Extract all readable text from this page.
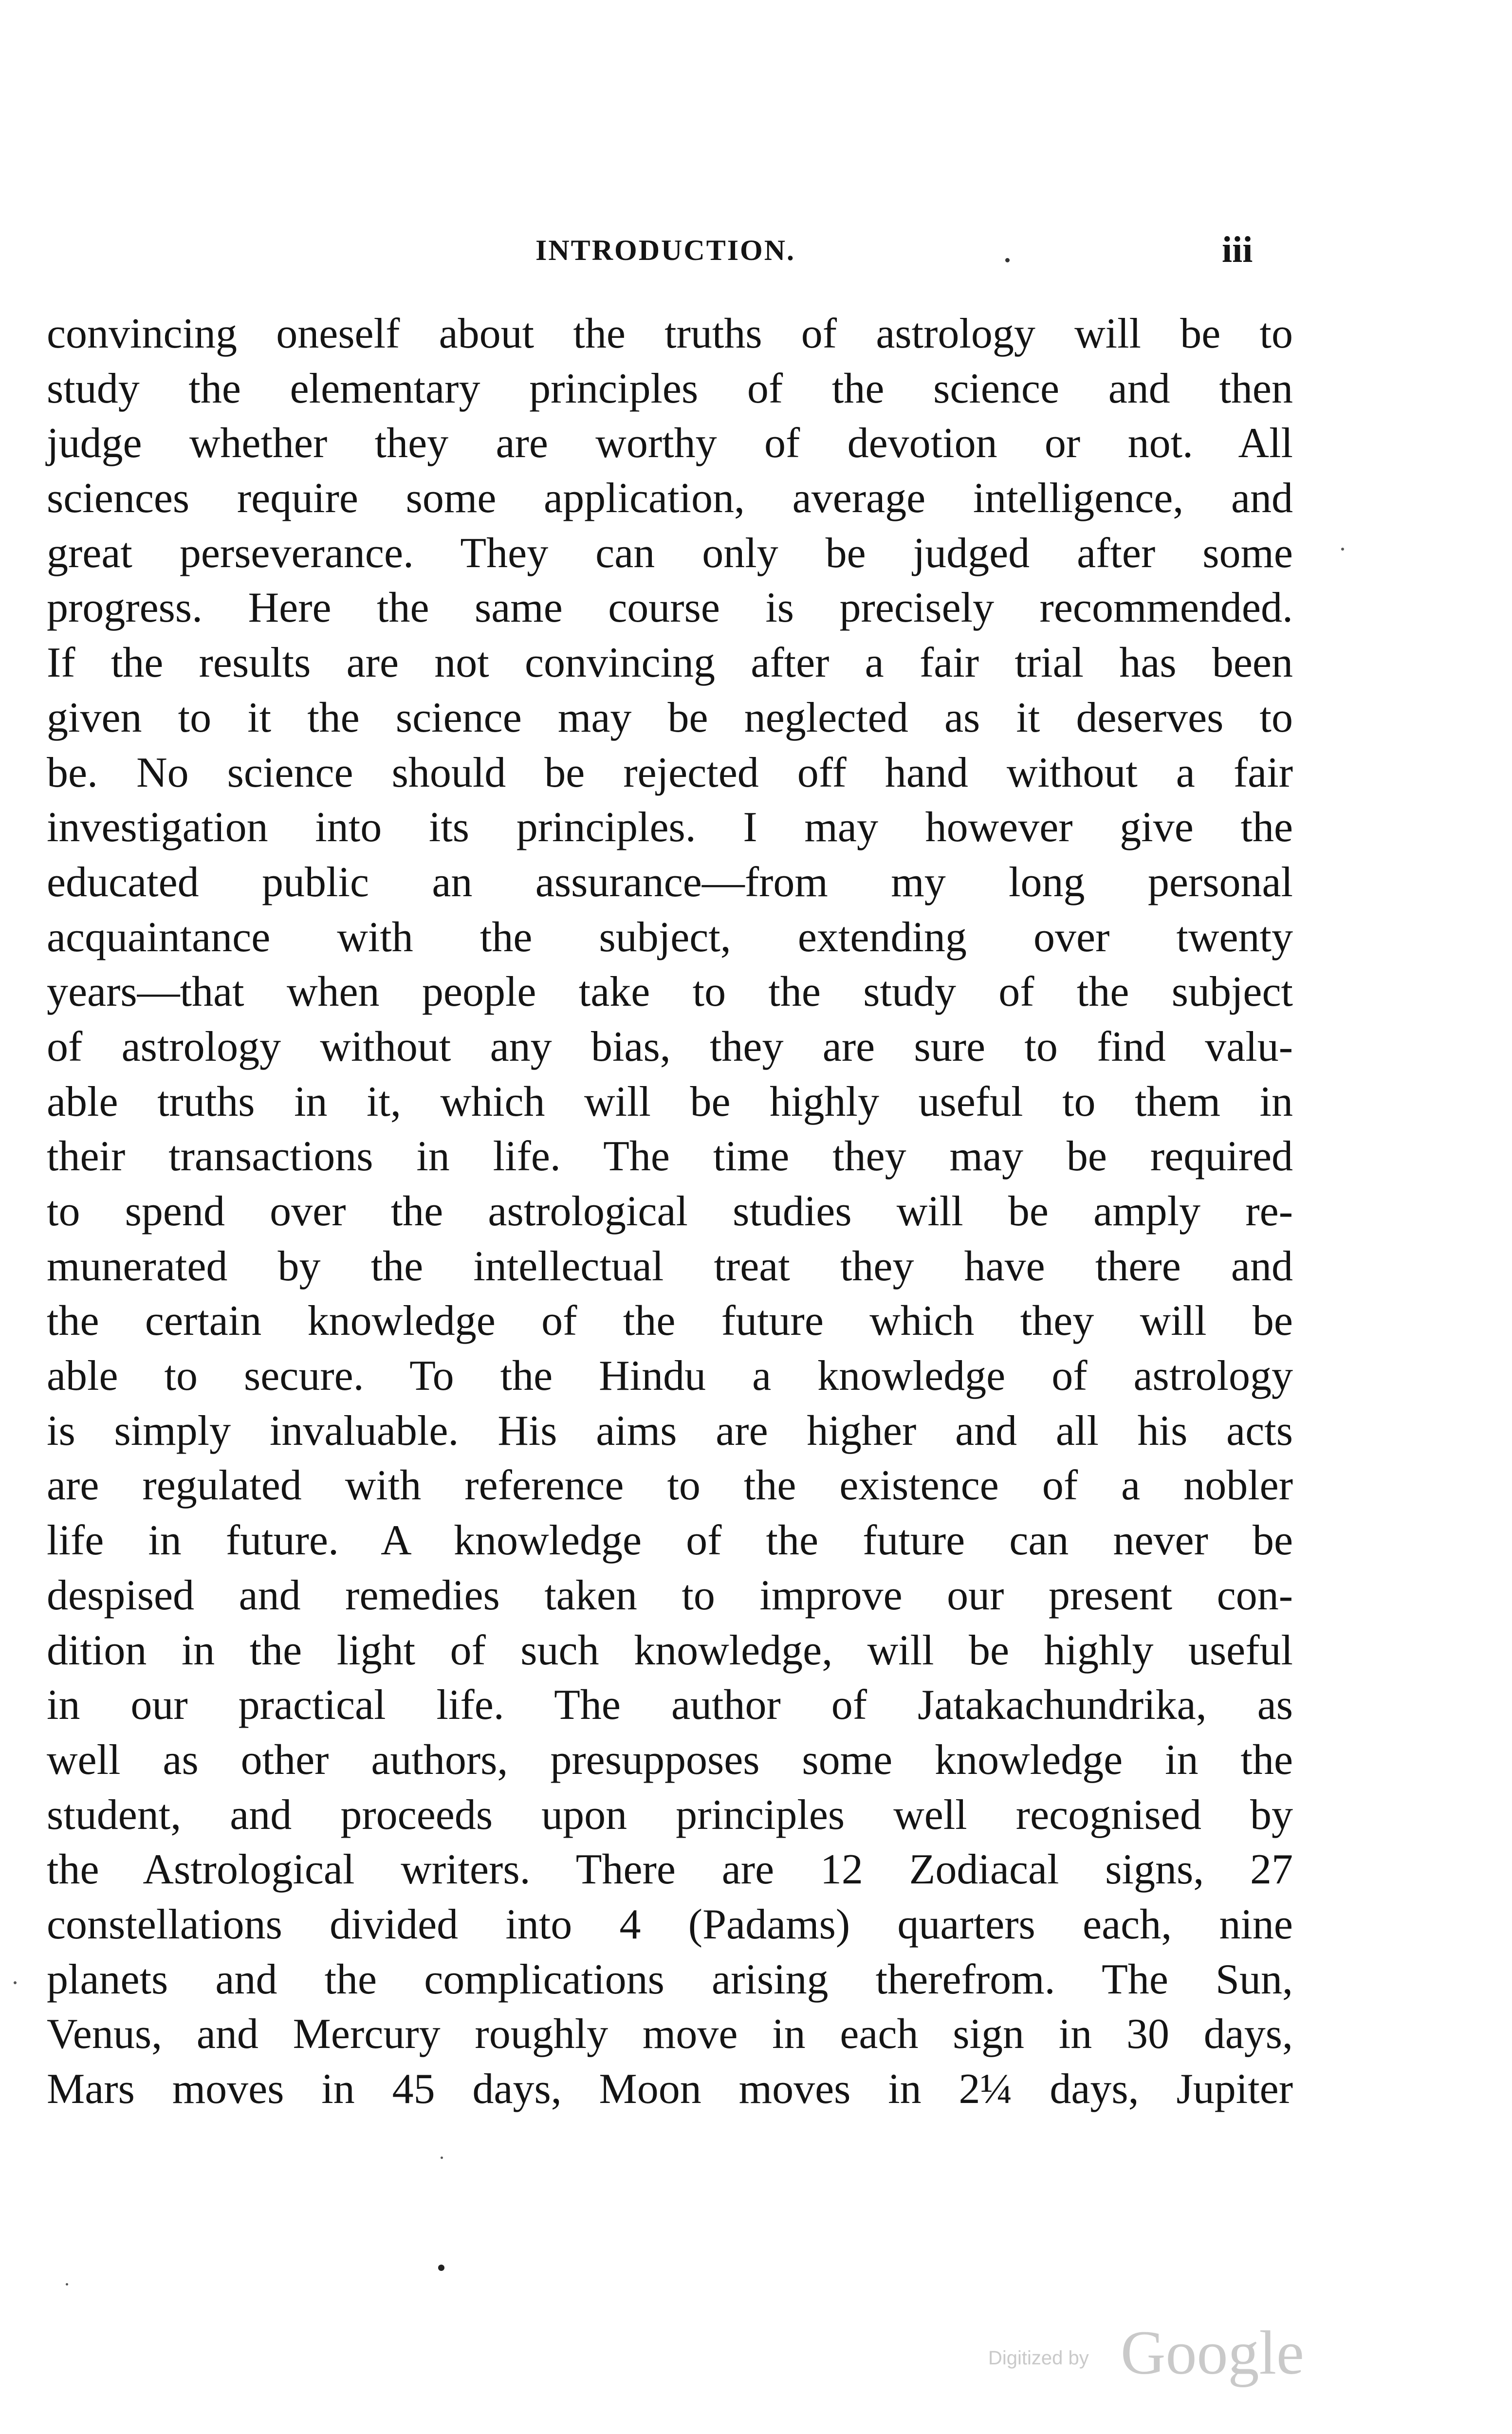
INTRODUCTION.	iii
convincing oneself about the truths of astrology will be to
study the elementary principles of the science and then
judge whether they are worthy of devotion or not. All
sciences require some application, average intelligence, and
great perseverance. They can only be judged after some
progress. Here the same course is precisely recommended.
If the results are not convincing after a fair trial has been
given to it the science may be neglected as it deserves to
be. No science should be rejected off hand without a fair
investigation into its principles. I may however give the
educated public an assurance—from my long personal
acquaintance with the subject, extending over twenty
years—that when people take to the study of the subject
of astrology without any bias, they are sure to find valu-
able truths in it, which will be highly useful to them in
their transactions in life. The time they may be required
to spend over the astrological studies will be amply re-
munerated by the intellectual treat they have there and
the certain knowledge of the future which they will be
able to secure. To the Hindu a knowledge of astrology
is simply invaluable. His aims are higher and all his acts
are regulated with reference to the existence of a nobler
life in future. A knowledge of the future can never be
despised and remedies taken to improve our present con-
dition in the light of such knowledge, will be highly useful
in our practical life. The author of Jatakachundrika, as
well as other authors, presupposes some knowledge in the
student, and proceeds upon principles well recognised by
the Astrological writers. There are 12 Zodiacal signs, 27
constellations divided into 4 (Padams) quarters each, nine
planets and the complications arising therefrom. The Sun,
Venus, and Mercury roughly move in each sign in 30 days,
Mars moves in 45 days, Moon moves in 2¼ days, Jupiter
Digitized by Google
